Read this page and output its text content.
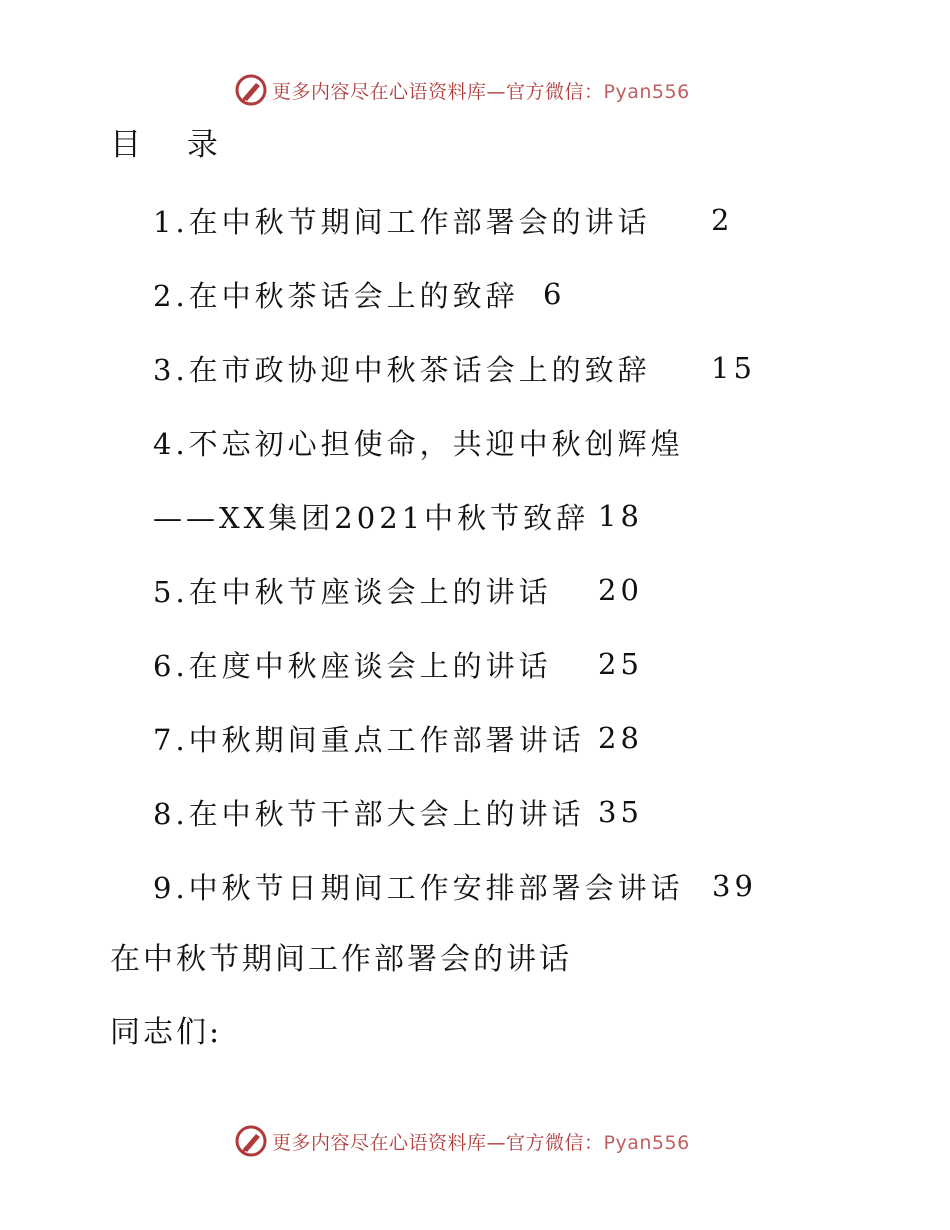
更多内容尽在心语资料库—官方微信：Pyan556
目 录
1.在中秋节期间工作部署会的讲话 2
2.在中秋茶话会上的致辞 6
3.在市政协迎中秋茶话会上的致辞 15
4.不忘初心担使命，共迎中秋创辉煌
——XX集团2021中秋节致辞 18
5.在中秋节座谈会上的讲话 20
6.在度中秋座谈会上的讲话 25
7.中秋期间重点工作部署讲话 28
8.在中秋节干部大会上的讲话 35
9.中秋节日期间工作安排部署会讲话 39
在中秋节期间工作部署会的讲话
同志们:
更多内容尽在心语资料库—官方微信：Pyan556
